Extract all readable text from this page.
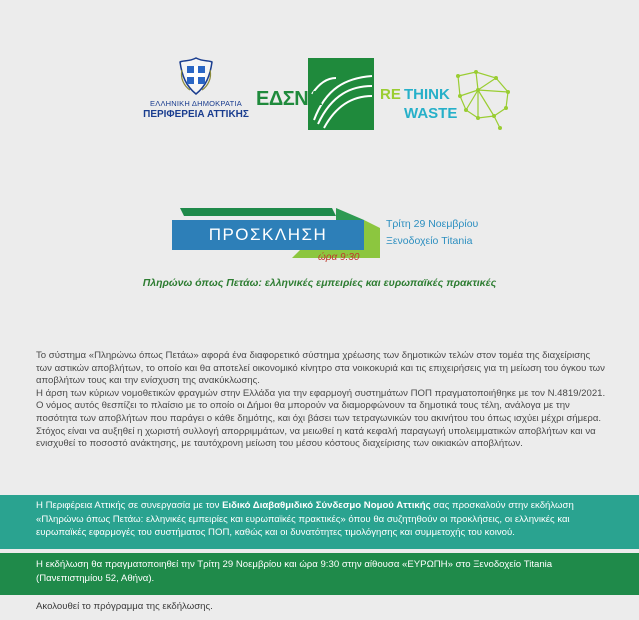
ΕΛΛΗΝΙΚΗ ΔΗΜΟΚΡΑΤΙΑ
ΠΕΡΙΦΕΡΕΙΑ ΑΤΤΙΚΗΣ
ΕΔΣΝΑ	RE THINK
WASTE
ΠΡΟΣΚΛΗΣΗ
Τρίτη 29 Νοεμβρίου
Ξενοδοχείο Titania
ώρα 9:30
Πληρώνω όπως Πετάω: ελληνικές εμπειρίες και ευρωπαϊκές πρακτικές

Το σύστημα «Πληρώνω όπως Πετάω» αφορά ένα διαφορετικό σύστημα χρέωσης των δημοτικών τελών στον τομέα της διαχείρισης των αστικών αποβλήτων, το οποίο και θα αποτελεί οικονομικό κίνητρο στα νοικοκυριά και τις επιχειρήσεις για τη μείωση του όγκου των αποβλήτων τους και την ενίσχυση της ανακύκλωσης.

Η άρση των κύριων νομοθετικών φραγμών στην Ελλάδα για την εφαρμογή συστημάτων ΠΟΠ πραγματοποιήθηκε με τον Ν.4819/2021. Ο νόμος αυτός θεσπίζει το πλαίσιο με το οποίο οι Δήμοι θα μπορούν να διαμορφώνουν τα δημοτικά τους τέλη, ανάλογα με την ποσότητα των αποβλήτων που παράγει ο κάθε δημότης, και όχι βάσει των τετραγωνικών του ακινήτου του όπως ισχύει μέχρι σήμερα.

Στόχος είναι να αυξηθεί η χωριστή συλλογή απορριμμάτων, να μειωθεί η κατά κεφαλή παραγωγή υπολειμματικών αποβλήτων και να ενισχυθεί το ποσοστό ανάκτησης, με ταυτόχρονη μείωση του μέσου κόστους διαχείρισης των οικιακών αποβλήτων.

Η Περιφέρεια Αττικής σε συνεργασία με τον Ειδικό Διαβαθμιδικό Σύνδεσμο Νομού Αττικής σας προσκαλούν στην εκδήλωση «Πληρώνω όπως Πετάω: ελληνικές εμπειρίες και ευρωπαϊκές πρακτικές» όπου θα συζητηθούν οι προκλήσεις, οι ελληνικές και ευρωπαϊκές εφαρμογές του συστήματος ΠΟΠ, καθώς και οι δυνατότητες τιμολόγησης και συμμετοχής του κοινού.
Η εκδήλωση θα πραγματοποιηθεί την Τρίτη 29 Νοεμβρίου και ώρα 9:30 στην αίθουσα «ΕΥΡΩΠΗ» στο Ξενοδοχείο Titania (Πανεπιστημίου 52, Αθήνα).
Ακολουθεί το πρόγραμμα της εκδήλωσης.
